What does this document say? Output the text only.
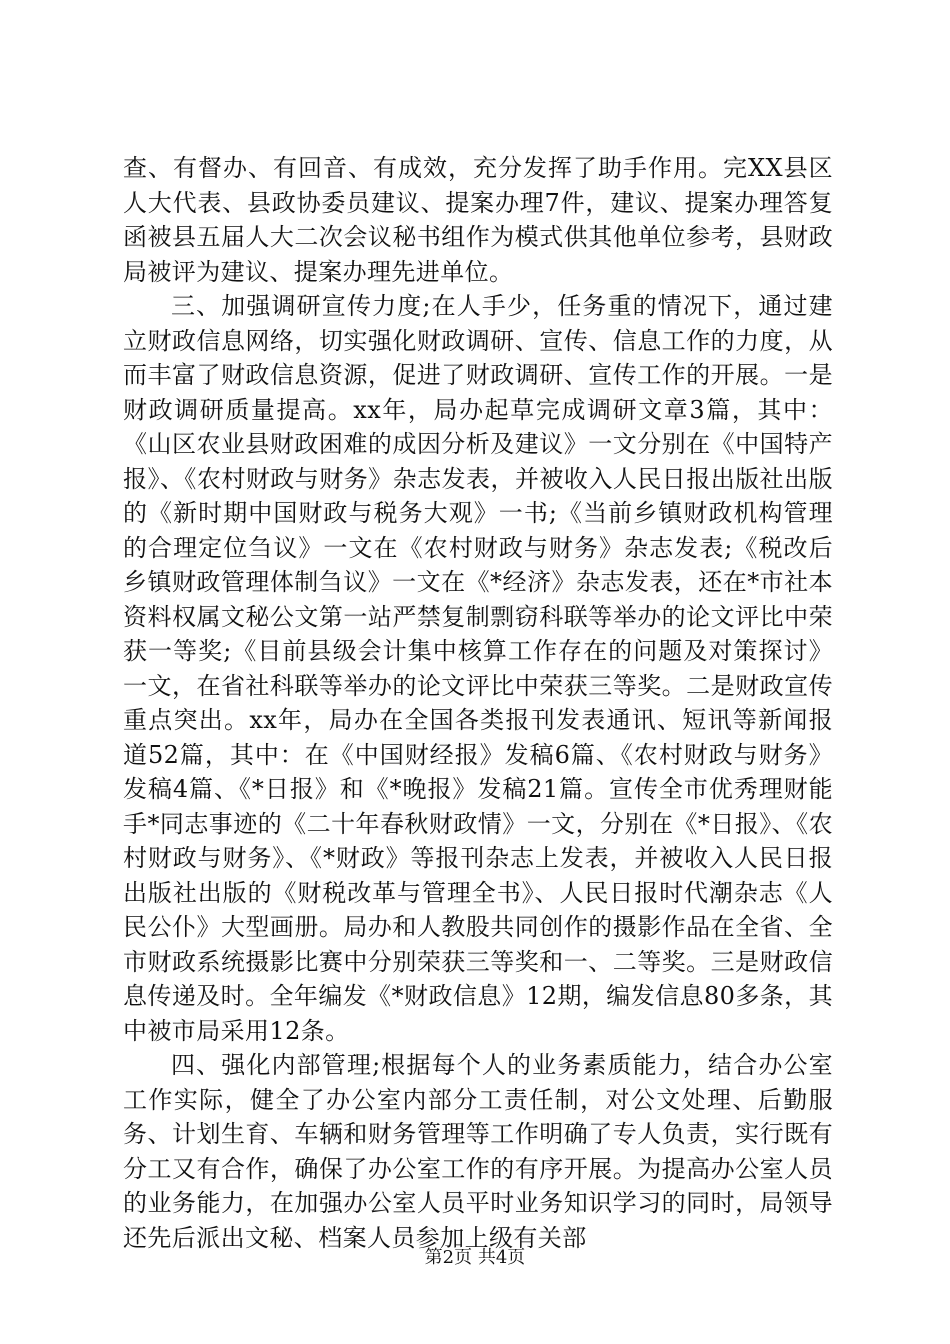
查、有督办、有回音、有成效，充分发挥了助手作用。完XX县区人大代表、县政协委员建议、提案办理7件，建议、提案办理答复函被县五届人大二次会议秘书组作为模式供其他单位参考，县财政局被评为建议、提案办理先进单位。

三、加强调研宣传力度;在人手少，任务重的情况下，通过建立财政信息网络，切实强化财政调研、宣传、信息工作的力度，从而丰富了财政信息资源，促进了财政调研、宣传工作的开展。一是财政调研质量提高。xx年，局办起草完成调研文章3篇，其中：《山区农业县财政困难的成因分析及建议》一文分别在《中国特产报》、《农村财政与财务》杂志发表，并被收入人民日报出版社出版的《新时期中国财政与税务大观》一书;《当前乡镇财政机构管理的合理定位刍议》一文在《农村财政与财务》杂志发表;《税改后乡镇财政管理体制刍议》一文在《*经济》杂志发表，还在*市社本资料权属文秘公文第一站严禁复制剽窃科联等举办的论文评比中荣获一等奖;《目前县级会计集中核算工作存在的问题及对策探讨》一文，在省社科联等举办的论文评比中荣获三等奖。二是财政宣传重点突出。xx年，局办在全国各类报刊发表通讯、短讯等新闻报道52篇，其中：在《中国财经报》发稿6篇、《农村财政与财务》发稿4篇、《*日报》和《*晚报》发稿21篇。宣传全市优秀理财能手*同志事迹的《二十年春秋财政情》一文，分别在《*日报》、《农村财政与财务》、《*财政》等报刊杂志上发表，并被收入人民日报出版社出版的《财税改革与管理全书》、人民日报时代潮杂志《人民公仆》大型画册。局办和人教股共同创作的摄影作品在全省、全市财政系统摄影比赛中分别荣获三等奖和一、二等奖。三是财政信息传递及时。全年编发《*财政信息》12期，编发信息80多条，其中被市局采用12条。

四、强化内部管理;根据每个人的业务素质能力，结合办公室工作实际，健全了办公室内部分工责任制，对公文处理、后勤服务、计划生育、车辆和财务管理等工作明确了专人负责，实行既有分工又有合作，确保了办公室工作的有序开展。为提高办公室人员的业务能力，在加强办公室人员平时业务知识学习的同时，局领导还先后派出文秘、档案人员参加上级有关部

第2页 共4页
